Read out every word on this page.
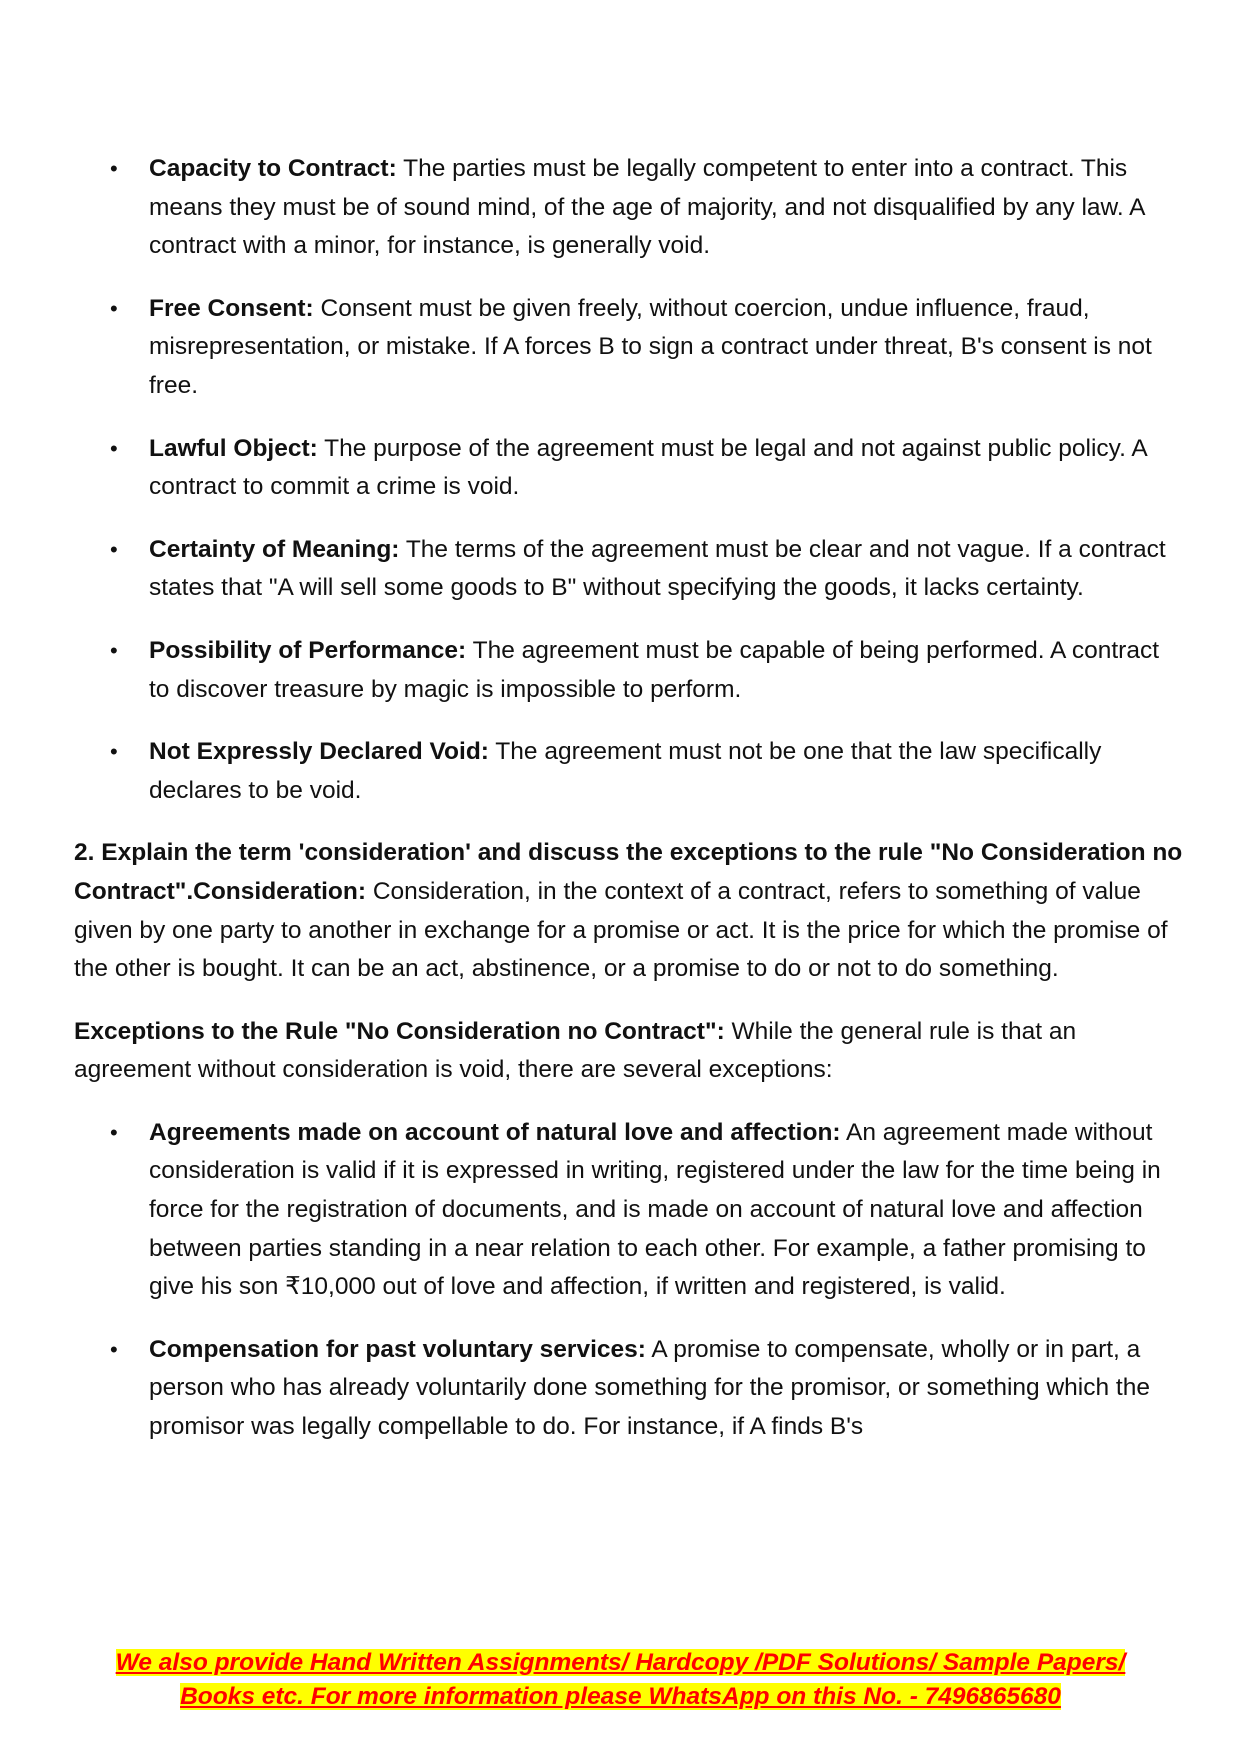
• Capacity to Contract: The parties must be legally competent to enter into a contract. This means they must be of sound mind, of the age of majority, and not disqualified by any law. A contract with a minor, for instance, is generally void.
• Free Consent: Consent must be given freely, without coercion, undue influence, fraud, misrepresentation, or mistake. If A forces B to sign a contract under threat, B's consent is not free.
• Lawful Object: The purpose of the agreement must be legal and not against public policy. A contract to commit a crime is void.
• Certainty of Meaning: The terms of the agreement must be clear and not vague. If a contract states that "A will sell some goods to B" without specifying the goods, it lacks certainty.
• Possibility of Performance: The agreement must be capable of being performed. A contract to discover treasure by magic is impossible to perform.
• Not Expressly Declared Void: The agreement must not be one that the law specifically declares to be void.

2. Explain the term 'consideration' and discuss the exceptions to the rule "No Consideration no Contract".Consideration: Consideration, in the context of a contract, refers to something of value given by one party to another in exchange for a promise or act. It is the price for which the promise of the other is bought. It can be an act, abstinence, or a promise to do or not to do something.

Exceptions to the Rule "No Consideration no Contract": While the general rule is that an agreement without consideration is void, there are several exceptions:

• Agreements made on account of natural love and affection: An agreement made without consideration is valid if it is expressed in writing, registered under the law for the time being in force for the registration of documents, and is made on account of natural love and affection between parties standing in a near relation to each other. For example, a father promising to give his son ₹10,000 out of love and affection, if written and registered, is valid.
• Compensation for past voluntary services: A promise to compensate, wholly or in part, a person who has already voluntarily done something for the promisor, or something which the promisor was legally compellable to do. For instance, if A finds B's
We also provide Hand Written Assignments/ Hardcopy /PDF Solutions/ Sample Papers/
Books etc. For more information please WhatsApp on this No. - 7496865680
